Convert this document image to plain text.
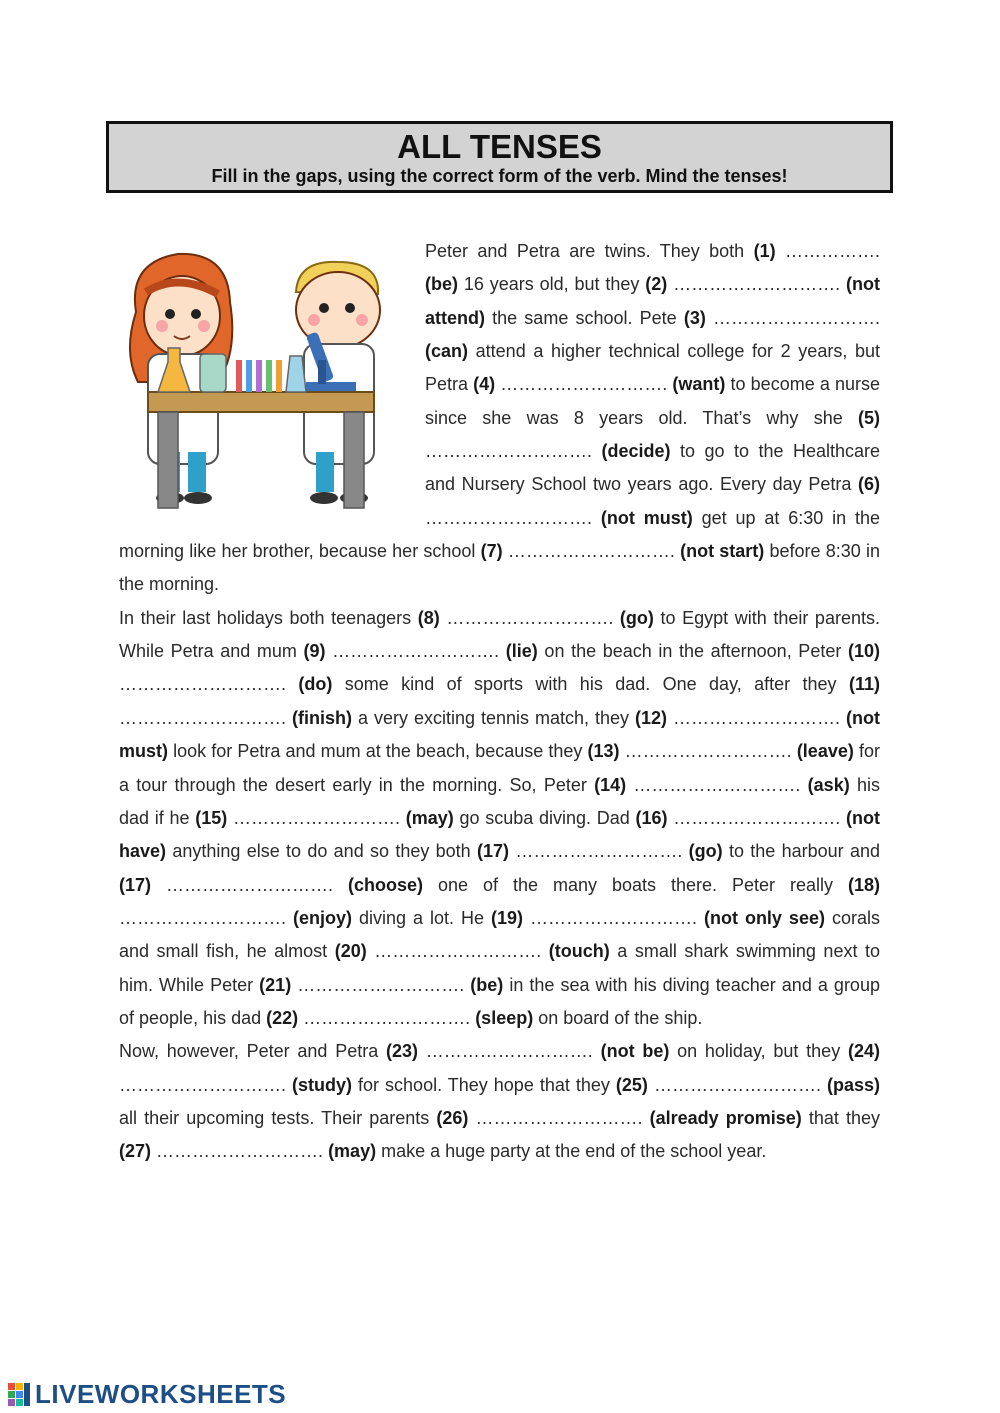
ALL TENSES
Fill in the gaps, using the correct form of the verb. Mind the tenses!

Peter and Petra are twins. They both (1) ……………. (be) 16 years old, but they (2) ………………………. (not attend) the same school. Pete (3) ………………………. (can) attend a higher technical college for 2 years, but Petra (4) ………………………. (want) to become a nurse since she was 8 years old. That’s why she (5) ………………………. (decide) to go to the Healthcare and Nursery School two years ago. Every day Petra (6) ………………………. (not must) get up at 6:30 in the morning like her brother, because her school (7) ………………………. (not start) before 8:30 in the morning.

In their last holidays both teenagers (8) ………………………. (go) to Egypt with their parents. While Petra and mum (9) ………………………. (lie) on the beach in the afternoon, Peter (10) ………………………. (do) some kind of sports with his dad. One day, after they (11) ………………………. (finish) a very exciting tennis match, they (12) ………………………. (not must) look for Petra and mum at the beach, because they (13) ………………………. (leave) for a tour through the desert early in the morning. So, Peter (14) ………………………. (ask) his dad if he (15) ………………………. (may) go scuba diving. Dad (16) ………………………. (not have) anything else to do and so they both (17) ………………………. (go) to the harbour and (17) ………………………. (choose) one of the many boats there. Peter really (18) ………………………. (enjoy) diving a lot. He (19) ………………………. (not only see) corals and small fish, he almost (20) ………………………. (touch) a small shark swimming next to him. While Peter (21) ………………………. (be) in the sea with his diving teacher and a group of people, his dad (22) ………………………. (sleep) on board of the ship.

Now, however, Peter and Petra (23) ………………………. (not be) on holiday, but they (24) ………………………. (study) for school. They hope that they (25) ………………………. (pass) all their upcoming tests. Their parents (26) ………………………. (already promise) that they (27) ………………………. (may) make a huge party at the end of the school year.

LIVEWORKSHEETS
